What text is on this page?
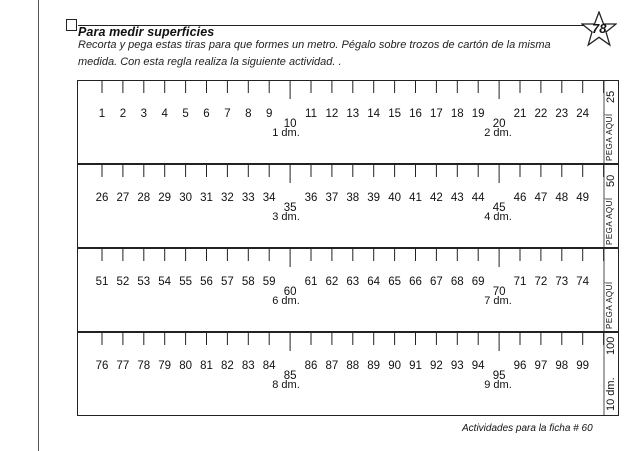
78
Para medir superficies
Recorta y pega estas tiras para que formes un metro. Pégalo sobre trozos de cartón de la misma
medida. Con esta regla realiza la siguiente actividad. .
1 2 3 4 5 6 7 8 9
10
11 12 13 14 15 16 17 18 19
20
21 22 23 24
25
PEGA AQUÍ
1 dm.	2 dm.
26 27 28 29 30 31 32 33 34
35
36 37 38 39 40 41 42 43 44
45
46 47 48 49
50
PEGA AQUÍ
3 dm.	4 dm.
51 52 53 54 55 56 57 58 59
60
61 62 63 64 65 66 67 68 69
70
71 72 73 74 PEGA AQUÍ
6 dm.	7 dm.
76 77 78 79 80 81 82 83 84
85
86 87 88 89 90 91 92 93 94
95
96 97 98 99
100
10 dm.
8 dm.	9 dm.
Actividades para la ficha # 60
